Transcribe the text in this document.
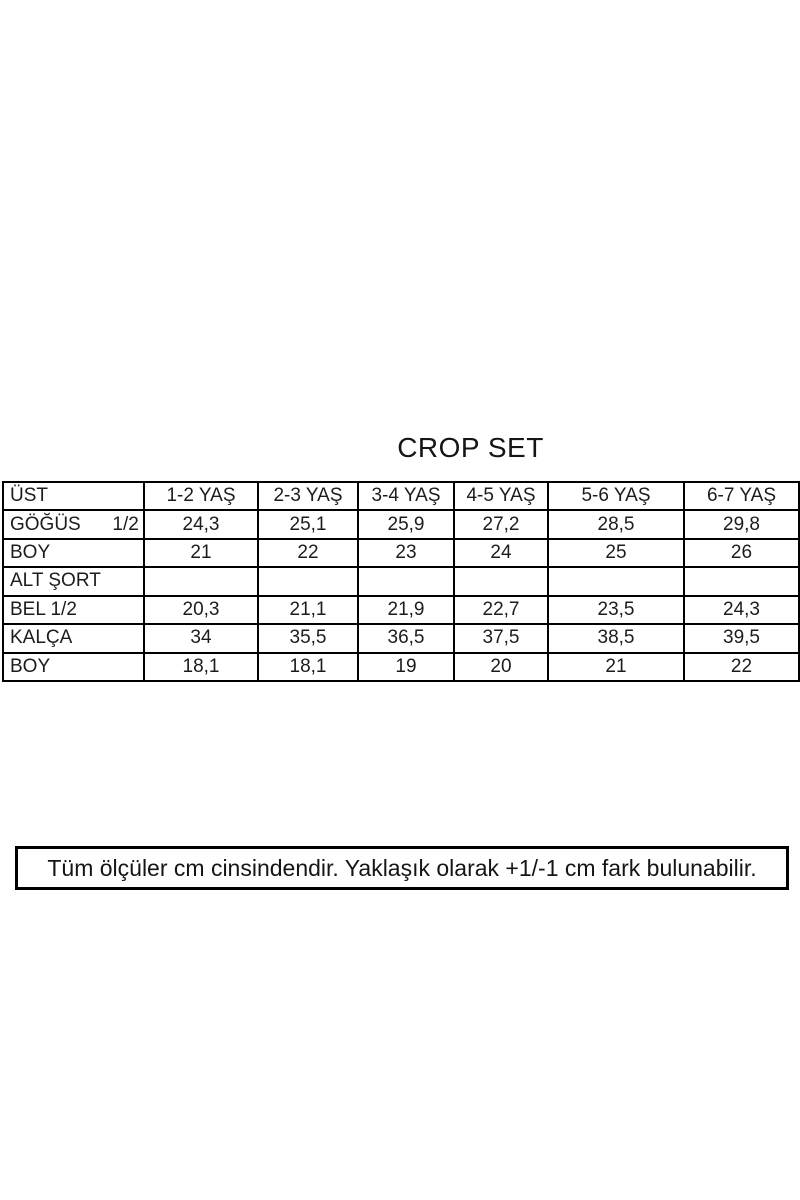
CROP SET
ÜST	1-2 YAŞ	2-3 YAŞ	3-4 YAŞ	4-5 YAŞ	5-6 YAŞ	6-7 YAŞ
GÖĞÜS      1/2	24,3	25,1	25,9	27,2	28,5	29,8
BOY	21	22	23	24	25	26
ALT ŞORT						
BEL 1/2	20,3	21,1	21,9	22,7	23,5	24,3
KALÇA	34	35,5	36,5	37,5	38,5	39,5
BOY	18,1	18,1	19	20	21	22
Tüm ölçüler cm cinsindendir. Yaklaşık olarak +1/-1 cm fark bulunabilir.
